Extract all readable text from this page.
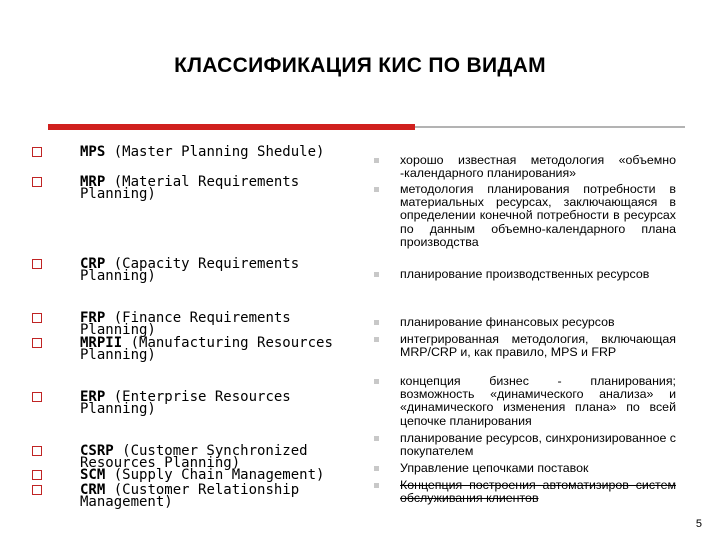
КЛАССИФИКАЦИЯ КИС ПО ВИДАМ
MPS (Master Planning Shedule)
MRP (Material Requirements Planning)
CRP (Capacity Requirements Planning)
FRP (Finance Requirements Planning)
MRPII (Manufacturing Resources Planning)
ERP (Enterprise Resources Planning)
CSRP (Customer Synchronized Resources Planning)
SCM (Supply Chain Management)
CRM (Customer Relationship Management)
хорошо известная методология «объемно -календарного планирования»
методология планирования потребности в материальных ресурсах, заключающаяся в определении конечной потребности в ресурсах по данным объемно-календарного плана производства
планирование производственных ресурсов
планирование финансовых ресурсов
интегрированная методология, включающая MRP/CRP и, как правило, MPS и FRP
концепция бизнес - планирования; возможность «динамического анализа» и «динамического изменения плана» по всей цепочке планирования
планирование ресурсов, синхронизированное с покупателем
Управление цепочками поставок
Концепция построения автоматизиров систем обслуживания клиентов
5
